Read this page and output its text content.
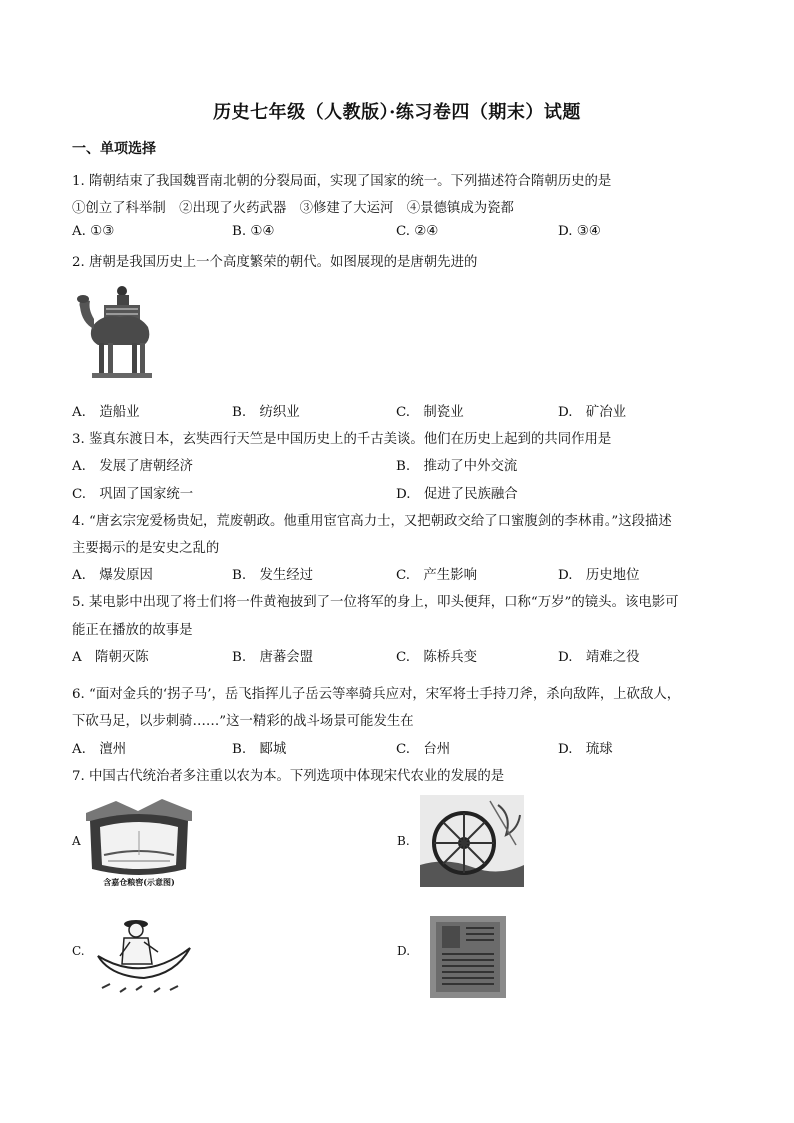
历史七年级（人教版）·练习卷四（期末）试题
一、单项选择
1. 隋朝结束了我国魏晋南北朝的分裂局面，实现了国家的统一。下列描述符合隋朝历史的是
①创立了科举制　②出现了火药武器　③修建了大运河　④景德镇成为瓷都
A. ①③	B. ①④	C. ②④	D. ③④
2. 唐朝是我国历史上一个高度繁荣的朝代。如图展现的是唐朝先进的
A.　造船业	B.　纺织业	C.　制瓷业	D.　矿冶业
3. 鉴真东渡日本，玄奘西行天竺是中国历史上的千古美谈。他们在历史上起到的共同作用是
A.　发展了唐朝经济	B.　推动了中外交流
C.　巩固了国家统一	D.　促进了民族融合
4. “唐玄宗宠爱杨贵妃，荒废朝政。他重用宦官高力士，又把朝政交给了口蜜腹剑的李林甫。”这段描述
主要揭示的是安史之乱的
A.　爆发原因	B.　发生经过	C.　产生影响	D.　历史地位
5. 某电影中出现了将士们将一件黄袍披到了一位将军的身上，叩头便拜，口称“万岁”的镜头。该电影可
能正在播放的故事是
A　隋朝灭陈	B.　唐蕃会盟	C.　陈桥兵变	D.　靖难之役
6. “面对金兵的‘拐子马’，岳飞指挥儿子岳云等率骑兵应对，宋军将士手持刀斧，杀向敌阵，上砍敌人，
下砍马足，以步刺骑……”这一精彩的战斗场景可能发生在
A.　澶州	B.　郾城	C.　台州	D.　琉球
7. 中国古代统治者多注重以农为本。下列选项中体现宋代农业的发展的是
A
含嘉仓粮窖(示意图)
B.
C.	D.
